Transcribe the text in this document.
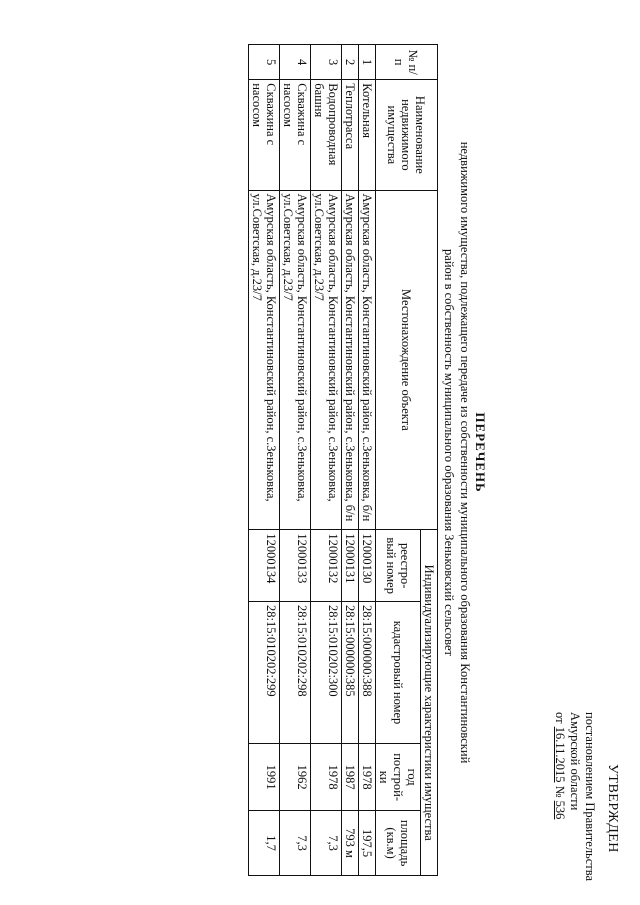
УТВЕРЖДЕН
постановлением Правительства
Амурской области
от 16.11.2015 № 536
ПЕРЕЧЕНЬ
недвижимого имущества, подлежащего передаче из собственности муниципального образования Константиновский
район в собственность муниципального образования Зеньковский сельсовет
№ п/п	Наименование недвижимого имущества	Местонахождение объекта	Индивидуализирующие характеристики имущества			
			реестро-вый номер	кадастровый номер	год построй-ки	площадь (кв.м)
1	Котельная	Амурская область, Константиновский район, с.Зеньковка, б/н	12000130	28:15:000000:388	1978	197,5
2	Теплотрасса	Амурская область, Константиновский район, с.Зеньковка, б/н	12000131	28:15:000000:385	1987	793 м
3	Водопроводная башня	Амурская область, Константиновский район, с.Зеньковка, ул.Советская, д.23/7	12000132	28:15:010202:300	1978	7,3
4	Скважина с насосом	Амурская область, Константиновский район, с.Зеньковка, ул.Советская, д.23/7	12000133	28:15:010202:298	1962	7,3
5	Скважина с насосом	Амурская область, Константиновский район, с.Зеньковка, ул.Советская, д.23/7	12000134	28:15:010202:299	1991	1,7
